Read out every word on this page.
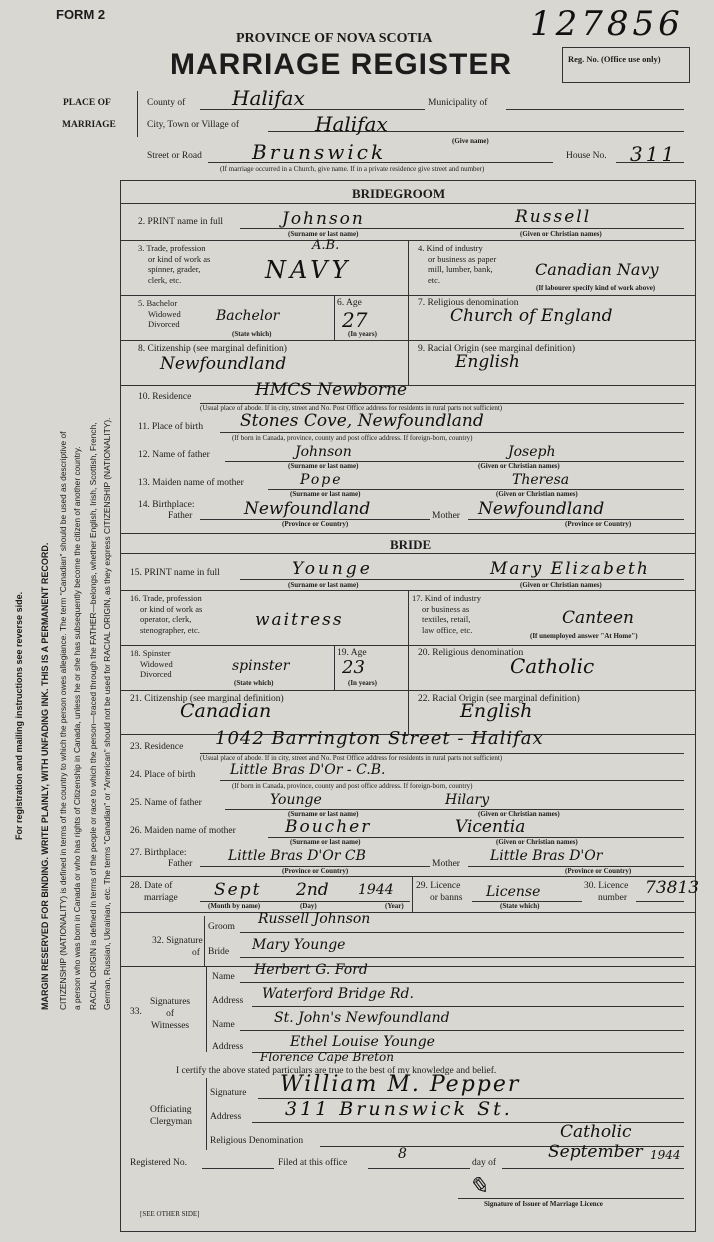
FORM 2	127856
PROVINCE OF NOVA SCOTIA
MARRIAGE REGISTER	Reg. No. (Office use only)
PLACE OF
MARRIAGE
County of Halifax	Municipality of
City, Town or Village of	Halifax
(Give name)
Street or Road	Brunswick	House No. 311
(If marriage occurred in a Church, give name. If in a private residence give street and number)
MARGIN RESERVED FOR BINDING. WRITE PLAINLY, WITH UNFADING INK. THIS IS A PERMANENT RECORD.
For registration and mailing instructions see reverse side.	CITIZENSHIP (NATIONALITY) is defined in terms of the country to which the person owes allegiance. The term "Canadian" should be used as descriptive of a person who was born in Canada or who has rights of Citizenship in Canada, unless he or she has subsequently become the citizen of another country. RACIAL ORIGIN is defined in terms of the people or race to which the person—traced through the FATHER—belongs, whether English, Irish, Scottish, French, German, Russian, Ukrainian, etc. The terms "Canadian" or "American" should not be used for RACIAL ORIGIN, as they express CITIZENSHIP (NATIONALITY).
BRIDEGROOM
2. PRINT name in full	Johnson	Russell
(Surname or last name)	(Given or Christian names)
3. Trade, profession
or kind of work as
spinner, grader,
clerk, etc.	NAVY
A.B.	4. Kind of industry
or business as paper
mill, lumber, bank,
etc.
Canadian Navy
(If labourer specify kind of work above)
5. Bachelor
Widowed
Divorced	Bachelor
(State which)
6. Age
27
(In years)
7. Religious denomination
Church of England
8. Citizenship (see marginal definition)
Newfoundland
9. Racial Origin (see marginal definition)
English
10. Residence	HMCS Newborne
(Usual place of abode. If in city, street and No. Post Office address for residents in rural parts not sufficient)
11. Place of birth Stones Cove, Newfoundland
(If born in Canada, province, county and post office address. If foreign-born, country)
12. Name of father	Johnson	Joseph
(Surname or last name)	(Given or Christian names)
13. Maiden name of mother	Pope	Theresa
(Surname or last name)	(Given or Christian names)
14. Birthplace:
Father	Newfoundland
(Province or Country)
Mother Newfoundland
(Province or Country)
BRIDE
15. PRINT name in full	Younge	Mary Elizabeth
(Surname or last name)	(Given or Christian names)
16. Trade, profession
or kind of work as
operator, clerk,
stenographer, etc.	waitress
17. Kind of industry
or business as
textiles, retail,
law office, etc.
Canteen
(If unemployed answer "At Home")
18. Spinster
Widowed
Divorced	spinster
(State which)
19. Age
23
(In years)
20. Religious denomination
Catholic
21. Citizenship (see marginal definition)
Canadian
22. Racial Origin (see marginal definition)
English
23. Residence 1042 Barrington Street - Halifax
(Usual place of abode. If in city, street and No. Post Office address for residents in rural parts not sufficient)
24. Place of birth Little Bras D'Or - C.B.
(If born in Canada, province, county and post office address. If foreign-born, country)
25. Name of father	Younge	Hilary
(Surname or last name)	(Given or Christian names)
26. Maiden name of mother	Boucher	Vicentia
(Surname or last name)	(Given or Christian names)
27. Birthplace:
Father	Little Bras D'Or CB
(Province or Country)
Mother Little Bras D'Or
(Province or Country)
28. Date of
marriage Sept 2nd 1944
(Month by name)	(Day)	(Year)
29. Licence
or banns License
(State which)
30. Licence
number 73813
32. Signature
of
Groom Russell Johnson
Bride Mary Younge
Signatures
of
Witnesses
33.
Name Herbert G. Ford
Address Waterford Bridge Rd.
Name	St. John's Newfoundland
Address	Ethel Louise Younge
Florence Cape Breton
I certify the above stated particulars are true to the best of my knowledge and belief.
Officiating
Clergyman
Signature William M. Pepper
Address 311 Brunswick St.
Religious Denomination	Catholic
Registered No.	Filed at this office
8
day of
September 1944
✎
Signature of Issuer of Marriage Licence
[SEE OTHER SIDE]
